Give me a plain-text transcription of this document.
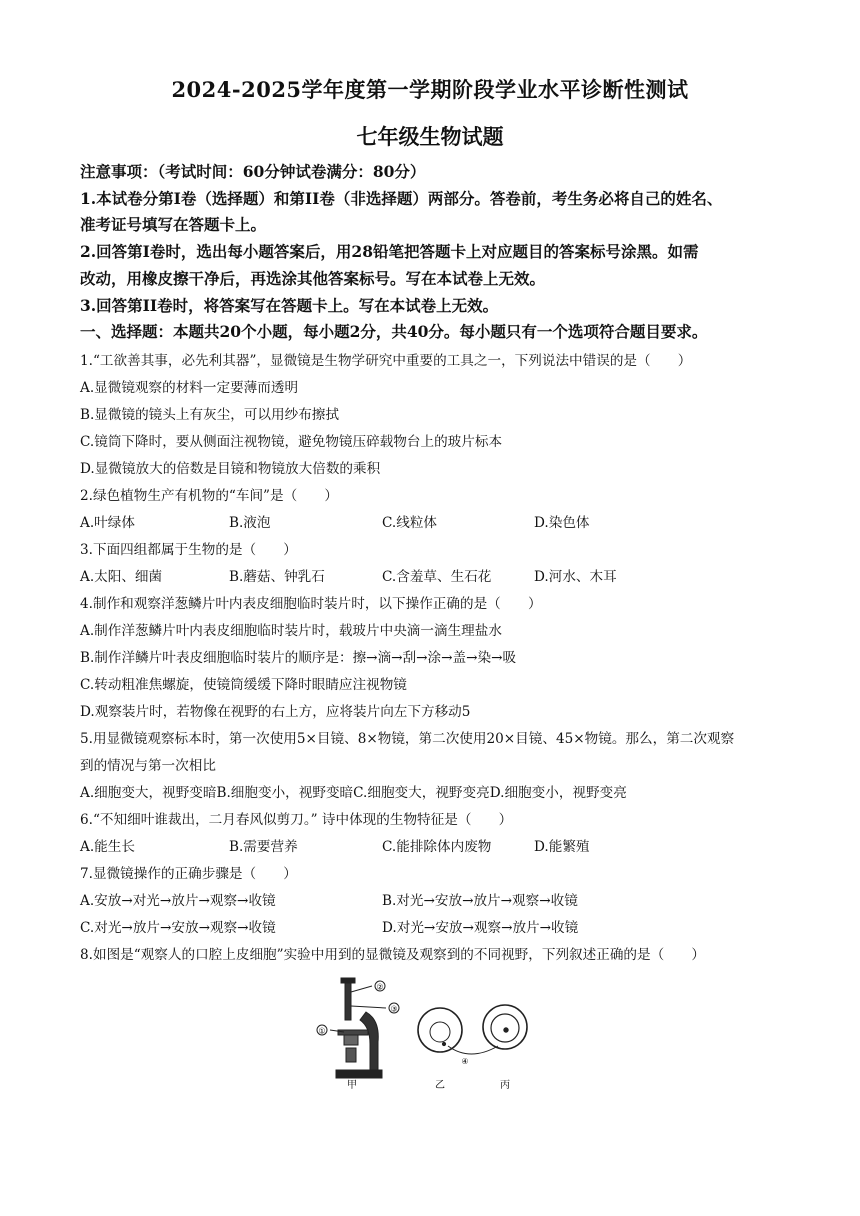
2024-2025学年度第一学期阶段学业水平诊断性测试
七年级生物试题
注意事项：（考试时间：60分钟试卷满分：80分）
1.本试卷分第I卷（选择题）和第II卷（非选择题）两部分。答卷前，考生务必将自己的姓名、
准考证号填写在答题卡上。
2.回答第I卷时，选出每小题答案后，用28铅笔把答题卡上对应题目的答案标号涂黑。如需
改动，用橡皮擦干净后，再选涂其他答案标号。写在本试卷上无效。
3.回答第II卷时，将答案写在答题卡上。写在本试卷上无效。
一、选择题：本题共20个小题，每小题2分，共40分。每小题只有一个选项符合题目要求。
1.“工欲善其事，必先利其器”，显微镜是生物学研究中重要的工具之一，下列说法中错误的是（　　）
A.显微镜观察的材料一定要薄而透明
B.显微镜的镜头上有灰尘，可以用纱布擦拭
C.镜筒下降时，要从侧面注视物镜，避免物镜压碎载物台上的玻片标本
D.显微镜放大的倍数是目镜和物镜放大倍数的乘积
2.绿色植物生产有机物的“车间”是（　　）
A.叶绿体	B.液泡	C.线粒体	D.染色体
3.下面四组都属于生物的是（　　）
A.太阳、细菌	B.蘑菇、钟乳石	C.含羞草、生石花	D.河水、木耳
4.制作和观察洋葱鳞片叶内表皮细胞临时装片时，以下操作正确的是（　　）
A.制作洋葱鳞片叶内表皮细胞临时装片时，载玻片中央滴一滴生理盐水
B.制作洋鳞片叶表皮细胞临时装片的顺序是：擦→滴→刮→涂→盖→染→吸
C.转动粗准焦螺旋，使镜筒缓缓下降时眼睛应注视物镜
D.观察装片时，若物像在视野的右上方，应将装片向左下方移动5
5.用显微镜观察标本时，第一次使用5×目镜、8×物镜，第二次使用20×目镜、45×物镜。那么，第二次观察
到的情况与第一次相比
A.细胞变大，视野变暗B.细胞变小，视野变暗C.细胞变大，视野变亮D.细胞变小，视野变亮
6.“不知细叶谁裁出，二月春风似剪刀。” 诗中体现的生物特征是（　　）
A.能生长	B.需要营养	C.能排除体内废物	D.能繁殖
7.显微镜操作的正确步骤是（　　）
A.安放→对光→放片→观察→收镜	B.对光→安放→放片→观察→收镜
C.对光→放片→安放→观察→收镜	D.对光→安放→观察→放片→收镜
8.如图是“观察人的口腔上皮细胞”实验中用到的显微镜及观察到的不同视野，下列叙述正确的是（　　）
②
③
①
④
甲	乙	丙
